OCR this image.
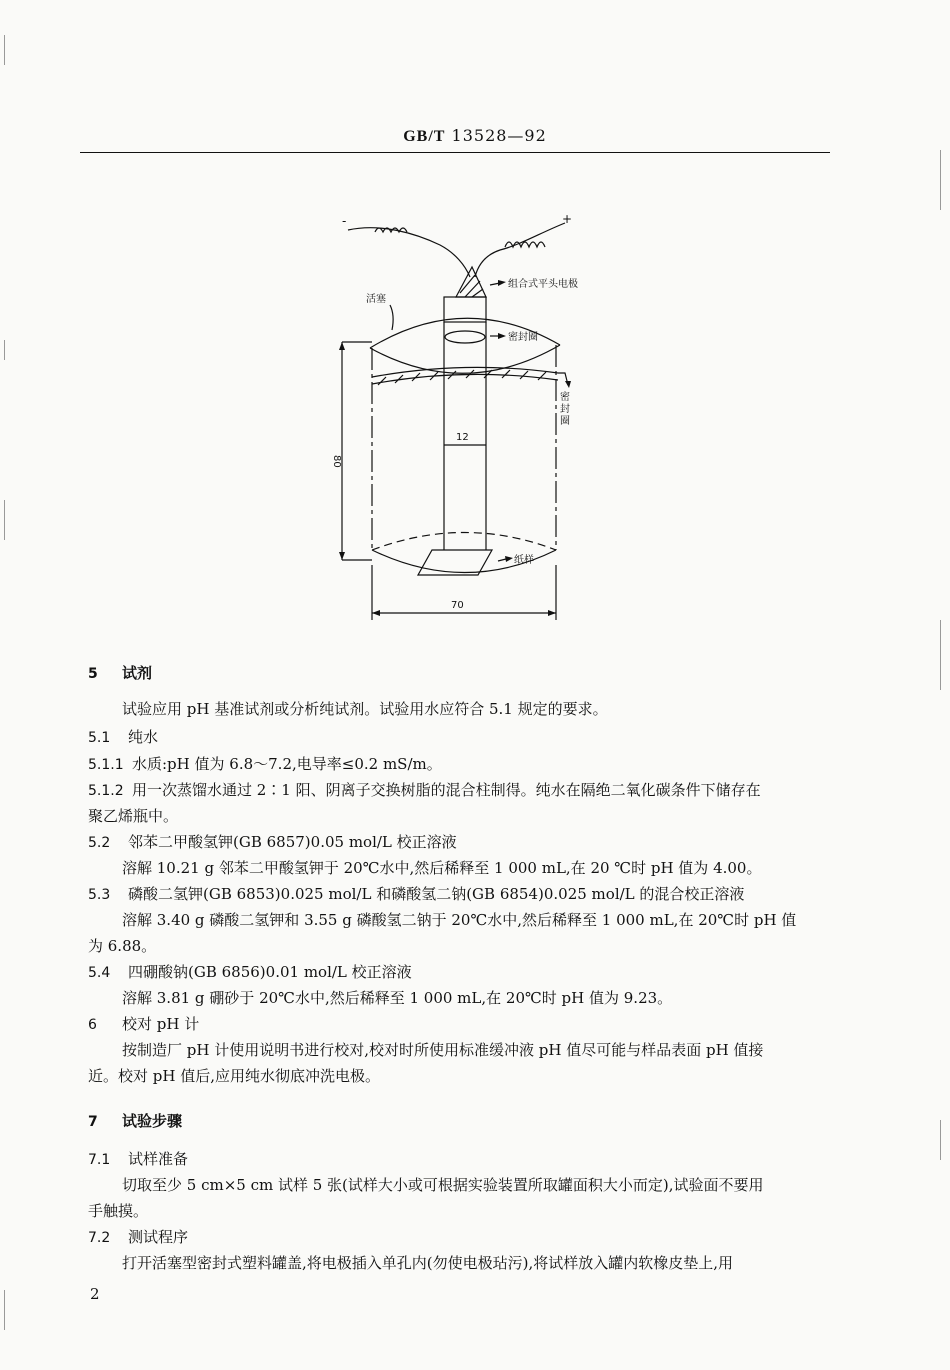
GB/T 13528—92
-	+
组合式平头电极
活塞
密封圈
密
封
圈
纸样
12
70
80
5 试剂
试验应用 pH 基准试剂或分析纯试剂。试验用水应符合 5.1 规定的要求。
5.1 纯水
5.1.1 水质:pH 值为 6.8～7.2,电导率≤0.2 mS/m。
5.1.2 用一次蒸馏水通过 2∶1 阳、阴离子交换树脂的混合柱制得。纯水在隔绝二氧化碳条件下储存在
聚乙烯瓶中。
5.2 邻苯二甲酸氢钾(GB 6857)0.05 mol/L 校正溶液
溶解 10.21 g 邻苯二甲酸氢钾于 20℃水中,然后稀释至 1 000 mL,在 20 ℃时 pH 值为 4.00。
5.3 磷酸二氢钾(GB 6853)0.025 mol/L 和磷酸氢二钠(GB 6854)0.025 mol/L 的混合校正溶液
溶解 3.40 g 磷酸二氢钾和 3.55 g 磷酸氢二钠于 20℃水中,然后稀释至 1 000 mL,在 20℃时 pH 值
为 6.88。
5.4 四硼酸钠(GB 6856)0.01 mol/L 校正溶液
溶解 3.81 g 硼砂于 20℃水中,然后稀释至 1 000 mL,在 20℃时 pH 值为 9.23。
6 校对 pH 计
按制造厂 pH 计使用说明书进行校对,校对时所使用标准缓冲液 pH 值尽可能与样品表面 pH 值接
近。校对 pH 值后,应用纯水彻底冲洗电极。
7 试验步骤
7.1 试样准备
切取至少 5 cm×5 cm 试样 5 张(试样大小或可根据实验装置所取罐面积大小而定),试验面不要用
手触摸。
7.2 测试程序
打开活塞型密封式塑料罐盖,将电极插入单孔内(勿使电极玷污),将试样放入罐内软橡皮垫上,用
2
